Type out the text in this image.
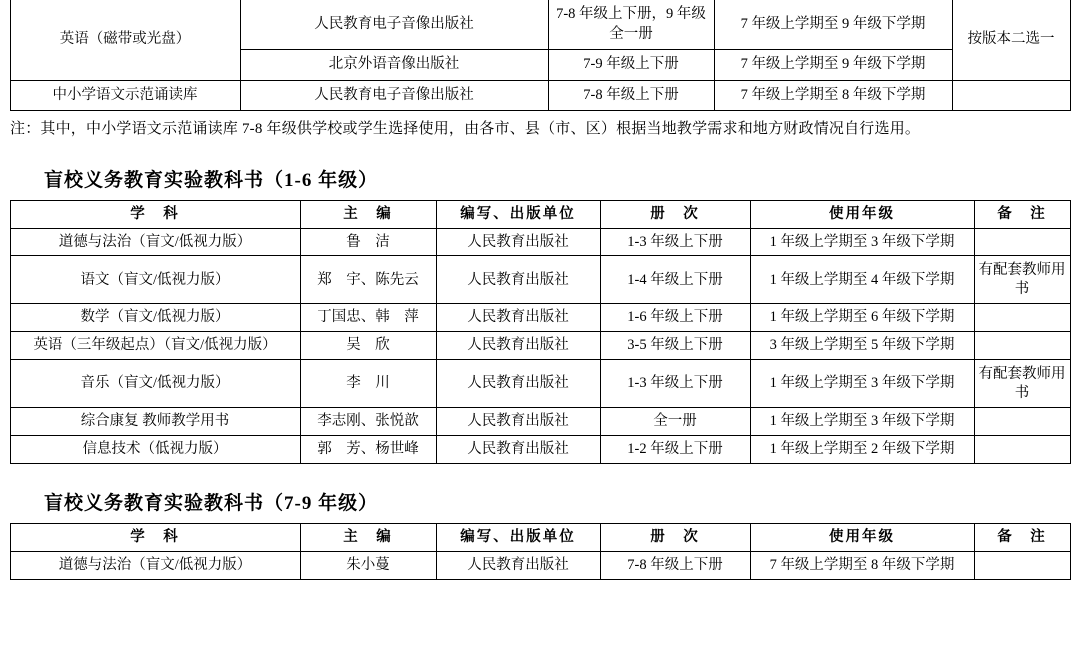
英语（磁带或光盘）	人民教育电子音像出版社	7-8 年级上下册，9 年级全一册	7 年级上学期至 9 年级下学期	按版本二选一
	北京外语音像出版社	7-9 年级上下册	7 年级上学期至 9 年级下学期	
中小学语文示范诵读库	人民教育电子音像出版社	7-8 年级上下册	7 年级上学期至 8 年级下学期	
注：其中，中小学语文示范诵读库 7-8 年级供学校或学生选择使用，由各市、县（市、区）根据当地教学需求和地方财政情况自行选用。
盲校义务教育实验教科书（1-6 年级）
学　科	主　编	编写、出版单位	册　次	使用年级	备　注
道德与法治（盲文/低视力版）	鲁　洁	人民教育出版社	1-3 年级上下册	1 年级上学期至 3 年级下学期	
语文（盲文/低视力版）	郑　宇、陈先云	人民教育出版社	1-4 年级上下册	1 年级上学期至 4 年级下学期	有配套教师用书
数学（盲文/低视力版）	丁国忠、韩　萍	人民教育出版社	1-6 年级上下册	1 年级上学期至 6 年级下学期	
英语（三年级起点）（盲文/低视力版）	吴　欣	人民教育出版社	3-5 年级上下册	3 年级上学期至 5 年级下学期	
音乐（盲文/低视力版）	李　川	人民教育出版社	1-3 年级上下册	1 年级上学期至 3 年级下学期	有配套教师用书
综合康复 教师教学用书	李志刚、张悦歆	人民教育出版社	全一册	1 年级上学期至 3 年级下学期	
信息技术（低视力版）	郭　芳、杨世峰	人民教育出版社	1-2 年级上下册	1 年级上学期至 2 年级下学期	
盲校义务教育实验教科书（7-9 年级）
学　科	主　编	编写、出版单位	册　次	使用年级	备　注
道德与法治（盲文/低视力版）	朱小蔓	人民教育出版社	7-8 年级上下册	7 年级上学期至 8 年级下学期	
